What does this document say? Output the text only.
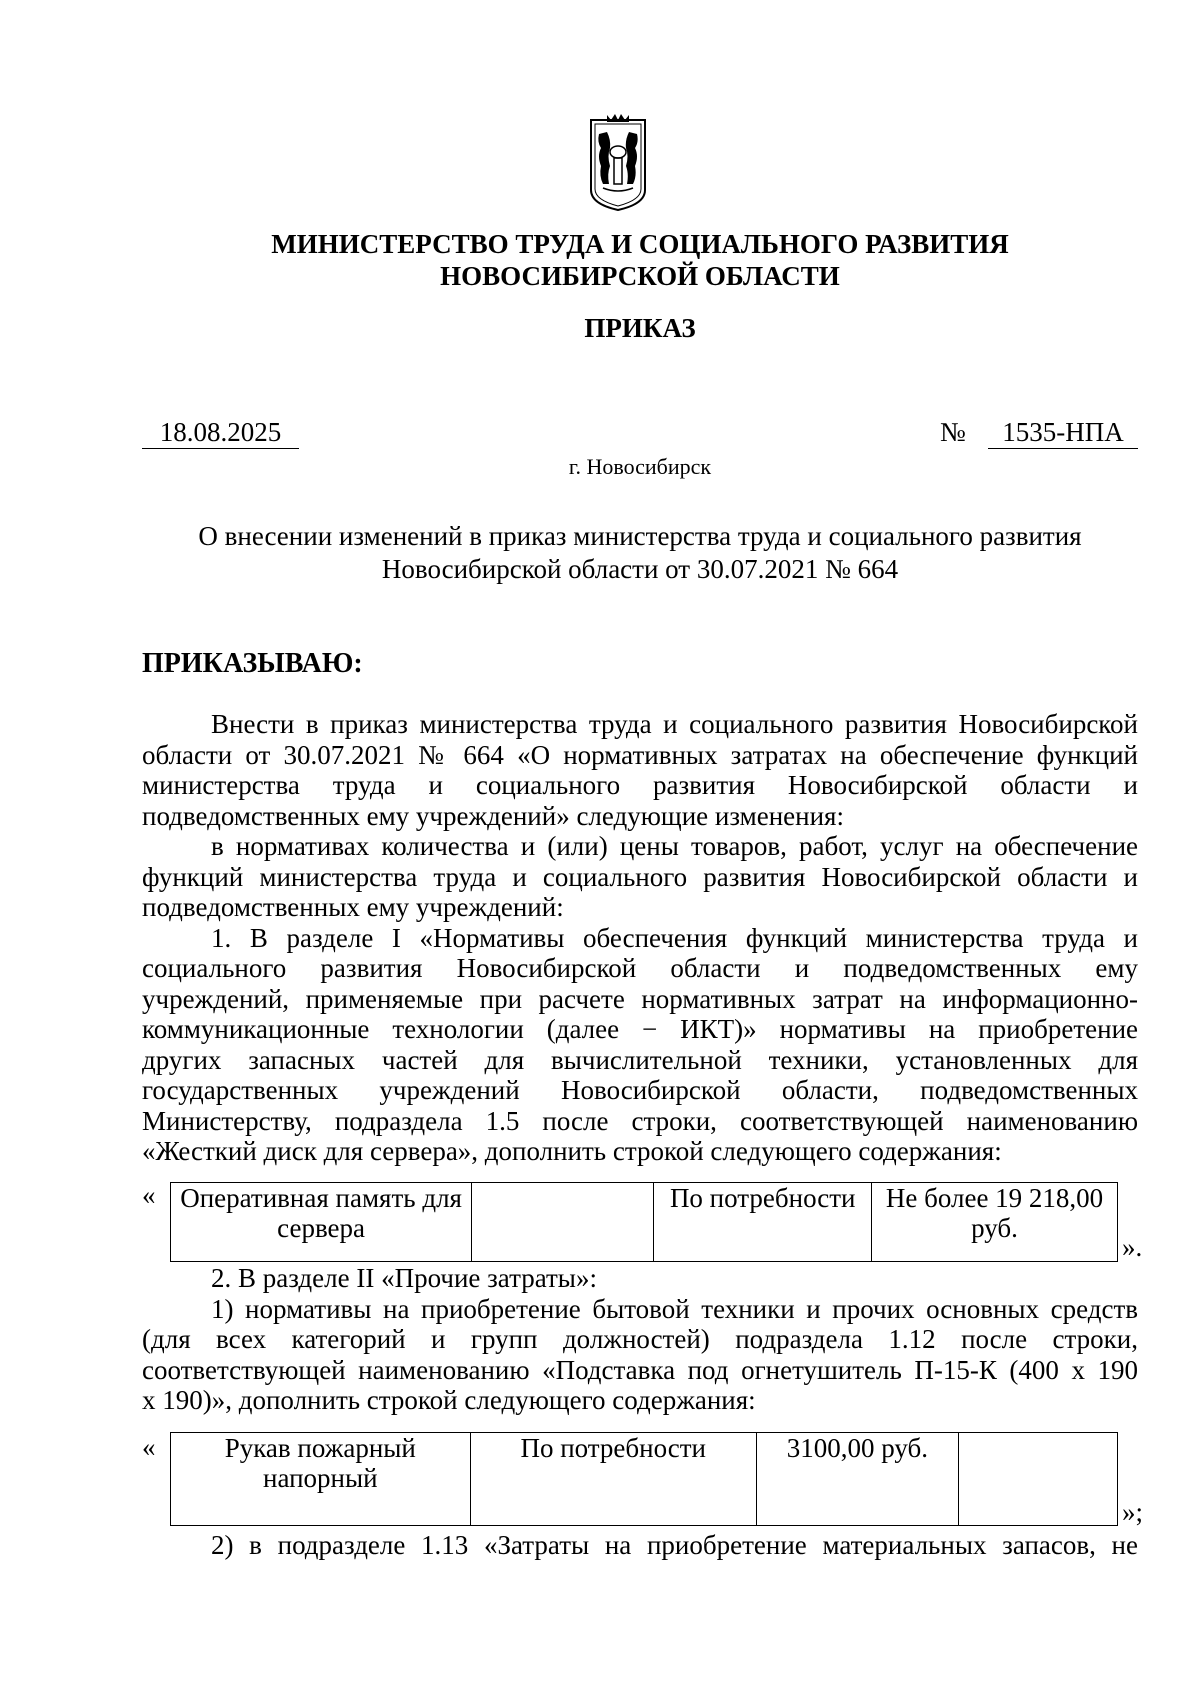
МИНИСТЕРСТВО ТРУДА И СОЦИАЛЬНОГО РАЗВИТИЯ
НОВОСИБИРСКОЙ ОБЛАСТИ
ПРИКАЗ
18.08.2025	№	1535-НПА
г. Новосибирск
О внесении изменений в приказ министерства труда и социального развития
Новосибирской области от 30.07.2021 № 664
ПРИКАЗЫВАЮ:
Внести в приказ министерства труда и социального развития Новосибирской
области от 30.07.2021 № 664 «О нормативных затратах на обеспечение функций
министерства труда и социального развития Новосибирской области и
подведомственных ему учреждений» следующие изменения:
в нормативах количества и (или) цены товаров, работ, услуг на обеспечение
функций министерства труда и социального развития Новосибирской области и
подведомственных ему учреждений:
1. В разделе I «Нормативы обеспечения функций министерства труда и
социального развития Новосибирской области и подведомственных ему
учреждений, применяемые при расчете нормативных затрат на информационно-
коммуникационные технологии (далее − ИКТ)» нормативы на приобретение
других запасных частей для вычислительной техники, установленных для
государственных учреждений Новосибирской области, подведомственных
Министерству, подраздела 1.5 после строки, соответствующей наименованию
«Жесткий диск для сервера», дополнить строкой следующего содержания:
« Оперативная память для сервера		По потребности	Не более 19 218,00 руб.
».
2. В разделе II «Прочие затраты»:
1) нормативы на приобретение бытовой техники и прочих основных средств
(для всех категорий и групп должностей) подраздела 1.12 после строки,
соответствующей наименованию «Подставка под огнетушитель П-15-К (400 х 190
х 190)», дополнить строкой следующего содержания:
«	Рукав пожарный напорный	По потребности	3100,00 руб.	
»;
2) в подразделе 1.13 «Затраты на приобретение материальных запасов, не
